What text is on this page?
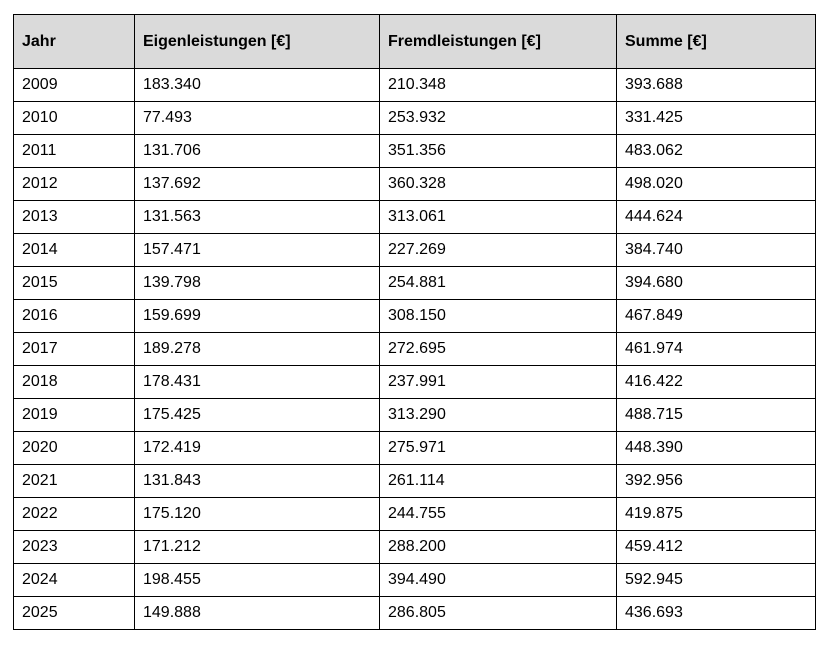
Jahr	Eigenleistungen [€]	Fremdleistungen [€]	Summe [€]
2009	183.340	210.348	393.688
2010	77.493	253.932	331.425
2011	131.706	351.356	483.062
2012	137.692	360.328	498.020
2013	131.563	313.061	444.624
2014	157.471	227.269	384.740
2015	139.798	254.881	394.680
2016	159.699	308.150	467.849
2017	189.278	272.695	461.974
2018	178.431	237.991	416.422
2019	175.425	313.290	488.715
2020	172.419	275.971	448.390
2021	131.843	261.114	392.956
2022	175.120	244.755	419.875
2023	171.212	288.200	459.412
2024	198.455	394.490	592.945
2025	149.888	286.805	436.693
